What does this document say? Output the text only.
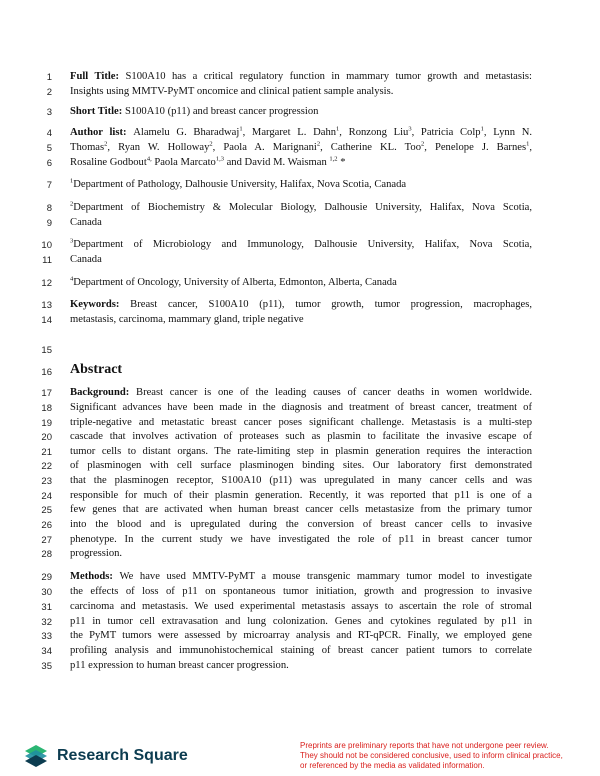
1 Full Title: S100A10 has a critical regulatory function in mammary tumor growth and metastasis:
2 Insights using MMTV-PyMT oncomice and clinical patient sample analysis.
3 Short Title: S100A10 (p11) and breast cancer progression
4 Author list: Alamelu G. Bharadwaj$^1$, Margaret L. Dahn$^1$, Ronzong Liu$^3$, Patricia Colp$^1$, Lynn N.
5 Thomas$^2$, Ryan W. Holloway$^2$, Paola A. Marignani$^2$, Catherine KL. Too$^2$, Penelope J. Barnes$^1$,
6 Rosaline Godbout$^{4,}$ Paola Marcato$^{1,3}$ and David M. Waisman $^{1,2}$ *
7	$^1$Department of Pathology, Dalhousie University, Halifax, Nova Scotia, Canada
8	$^2$Department of Biochemistry & Molecular Biology, Dalhousie University, Halifax, Nova Scotia,
9 Canada
10	$^3$Department of Microbiology and Immunology, Dalhousie University, Halifax, Nova Scotia,
11 Canada
12	$^4$Department of Oncology, University of Alberta, Edmonton, Alberta, Canada
13 Keywords: Breast cancer, S100A10 (p11), tumor growth, tumor progression, macrophages,
14 metastasis, carcinoma, mammary gland, triple negative
15
16 Abstract
17 Background: Breast cancer is one of the leading causes of cancer deaths in women worldwide.
18 Significant advances have been made in the diagnosis and treatment of breast cancer, treatment of
19 triple-negative and metastatic breast cancer poses significant challenge. Metastasis is a multi-step
20 cascade that involves activation of proteases such as plasmin to facilitate the invasive escape of
21 tumor cells to distant organs. The rate-limiting step in plasmin generation requires the interaction
22 of plasminogen with cell surface plasminogen binding sites. Our laboratory first demonstrated
23 that the plasminogen receptor, S100A10 (p11) was upregulated in many cancer cells and was
24 responsible for much of their plasmin generation. Recently, it was reported that p11 is one of a
25 few genes that are activated when human breast cancer cells metastasize from the primary tumor
26 into the blood and is upregulated during the conversion of breast cancer cells to invasive
27 phenotype. In the current study we have investigated the role of p11 in breast cancer tumor
28 progression.
29 Methods: We have used MMTV-PyMT a mouse transgenic mammary tumor model to investigate
30 the effects of loss of p11 on spontaneous tumor initiation, growth and progression to invasive
31 carcinoma and metastasis. We used experimental metastasis assays to ascertain the role of stromal
32 p11 in tumor cell extravasation and lung colonization. Genes and cytokines regulated by p11 in
33 the PyMT tumors were assessed by microarray analysis and RT-qPCR. Finally, we employed gene
34 profiling analysis and immunohistochemical staining of breast cancer patient tumors to correlate
35 p11 expression to human breast cancer progression.
Research Square
Preprints are preliminary reports that have not undergone peer review.
They should not be considered conclusive, used to inform clinical practice,
or referenced by the media as validated information.
